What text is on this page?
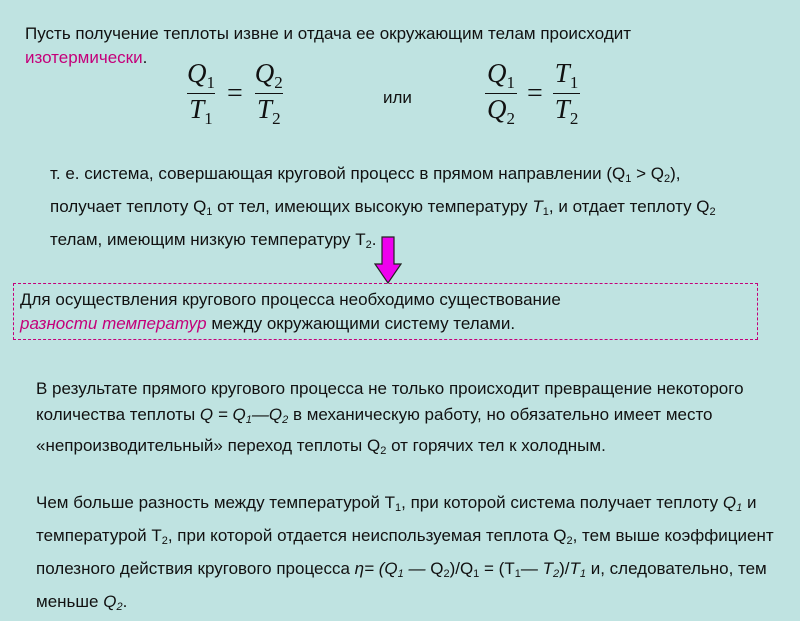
Пусть получение теплоты извне и отдача ее окружающим телам происходит
изотермически.
$\frac{Q_1}{T_1} = \frac{Q_2}{T_2}$	или	$\frac{Q_1}{Q_2} = \frac{T_1}{T_2}$
т. е. система, совершающая круговой процесс в прямом направлении $(Q_1 > Q_2)$, получает теплоту $Q_1$ от тел, имеющих высокую температуру $T_1$, и отдает теплоту $Q_2$ телам, имеющим низкую температуру $T_2$.
Для осуществления кругового процесса необходимо существование
разности температур между окружающими систему телами.
В результате прямого кругового процесса не только происходит превращение некоторого количества теплоты $Q = Q_1—Q_2$ в механическую работу, но обязательно имеет место «непроизводительный» переход теплоты $Q_2$ от горячих тел к холодным.
Чем больше разность между температурой $Т_1$, при которой система получает теплоту $Q_1$ и температурой $Т_2$, при которой отдается неиспользуемая теплота $Q_2$, тем выше коэффициент полезного действия кругового процесса $\eta= (Q_1$ — $Q_2)/Q_1$ = ($T_1—$ $T_2)/T_1$ и, следовательно, тем меньше $Q_2$.
